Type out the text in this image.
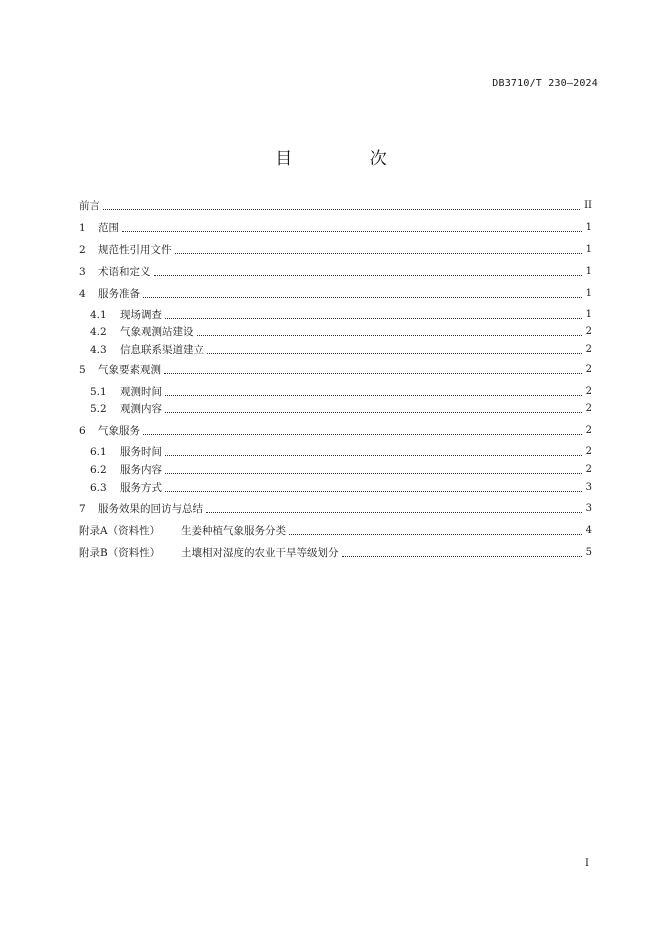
DB3710/T 230—2024
目 次
前言	II
1	范围	1
2	规范性引用文件	1
3	术语和定义	1
4	服务准备	1
4.1	现场调查	1
4.2	气象观测站建设	2
4.3	信息联系渠道建立	2
5	气象要素观测	2
5.1	观测时间	2
5.2	观测内容	2
6	气象服务	2
6.1	服务时间	2
6.2	服务内容	2
6.3	服务方式	3
7	服务效果的回访与总结	3
附录A（资料性）	生姜种植气象服务分类	4
附录B（资料性）	土壤相对湿度的农业干旱等级划分	5
I
